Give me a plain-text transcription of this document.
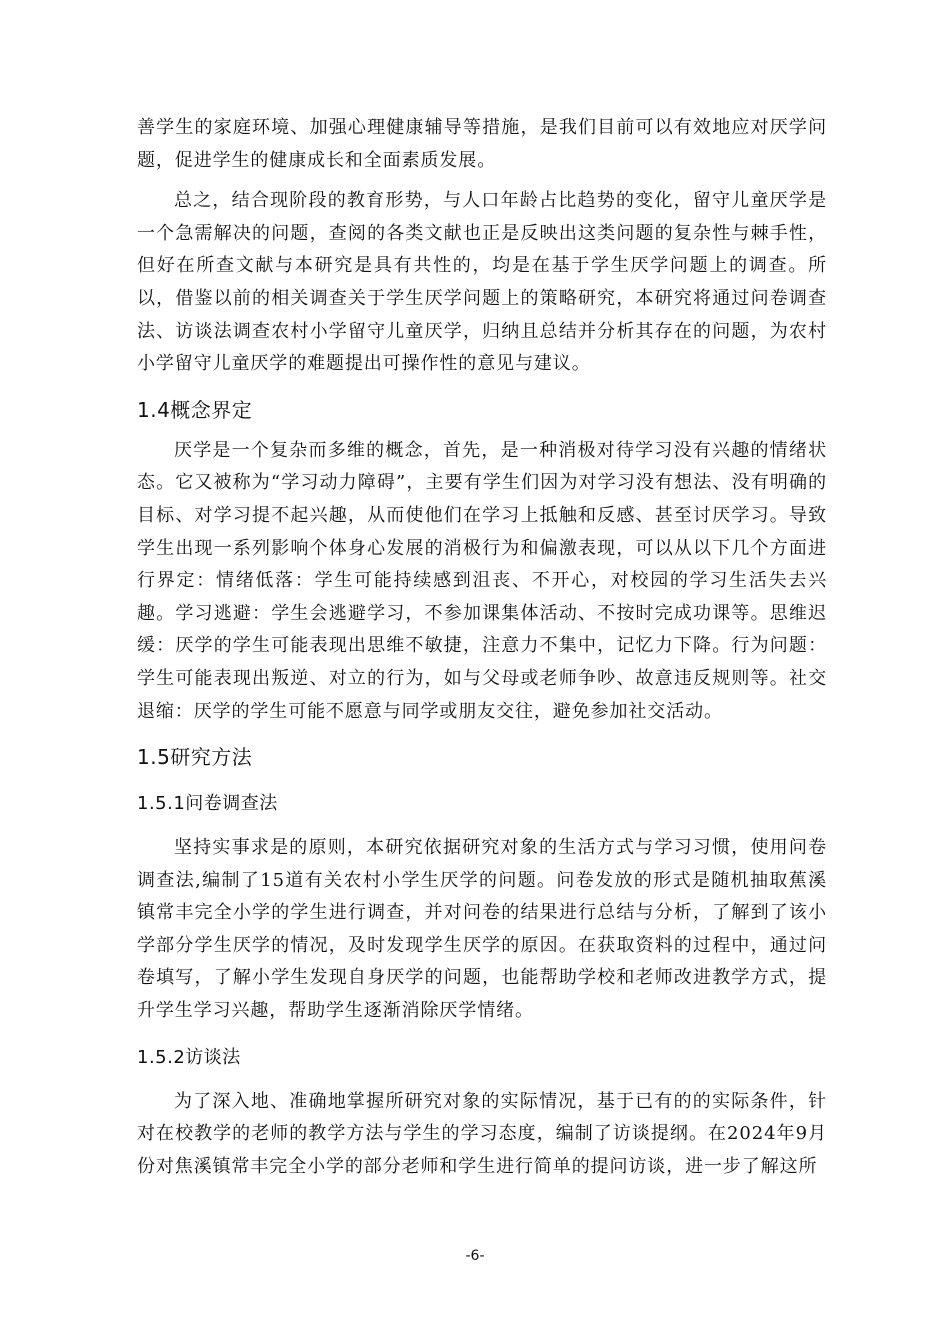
善学生的家庭环境、加强心理健康辅导等措施，是我们目前可以有效地应对厌学问题，促进学生的健康成长和全面素质发展。

总之，结合现阶段的教育形势，与人口年龄占比趋势的变化，留守儿童厌学是一个急需解决的问题，查阅的各类文献也正是反映出这类问题的复杂性与棘手性，但好在所查文献与本研究是具有共性的，均是在基于学生厌学问题上的调查。所以，借鉴以前的相关调查关于学生厌学问题上的策略研究，本研究将通过问卷调查法、访谈法调查农村小学留守儿童厌学，归纳且总结并分析其存在的问题，为农村小学留守儿童厌学的难题提出可操作性的意见与建议。

1.4概念界定

厌学是一个复杂而多维的概念，首先，是一种消极对待学习没有兴趣的情绪状态。它又被称为“学习动力障碍”，主要有学生们因为对学习没有想法、没有明确的目标、对学习提不起兴趣，从而使他们在学习上抵触和反感、甚至讨厌学习。导致学生出现一系列影响个体身心发展的消极行为和偏激表现，可以从以下几个方面进行界定：情绪低落：学生可能持续感到沮丧、不开心，对校园的学习生活失去兴趣。学习逃避：学生会逃避学习，不参加课集体活动、不按时完成功课等。思维迟缓：厌学的学生可能表现出思维不敏捷，注意力不集中，记忆力下降。行为问题：学生可能表现出叛逆、对立的行为，如与父母或老师争吵、故意违反规则等。社交退缩：厌学的学生可能不愿意与同学或朋友交往，避免参加社交活动。

1.5研究方法
1.5.1问卷调查法

坚持实事求是的原则，本研究依据研究对象的生活方式与学习习惯，使用问卷调查法,编制了15道有关农村小学生厌学的问题。问卷发放的形式是随机抽取蕉溪镇常丰完全小学的学生进行调查，并对问卷的结果进行总结与分析，了解到了该小学部分学生厌学的情况，及时发现学生厌学的原因。在获取资料的过程中，通过问卷填写，了解小学生发现自身厌学的问题，也能帮助学校和老师改进教学方式，提升学生学习兴趣，帮助学生逐渐消除厌学情绪。

1.5.2访谈法

为了深入地、准确地掌握所研究对象的实际情况，基于已有的的实际条件，针对在校教学的老师的教学方法与学生的学习态度，编制了访谈提纲。在2024年9月份对焦溪镇常丰完全小学的部分老师和学生进行简单的提问访谈，进一步了解这所

-6-
